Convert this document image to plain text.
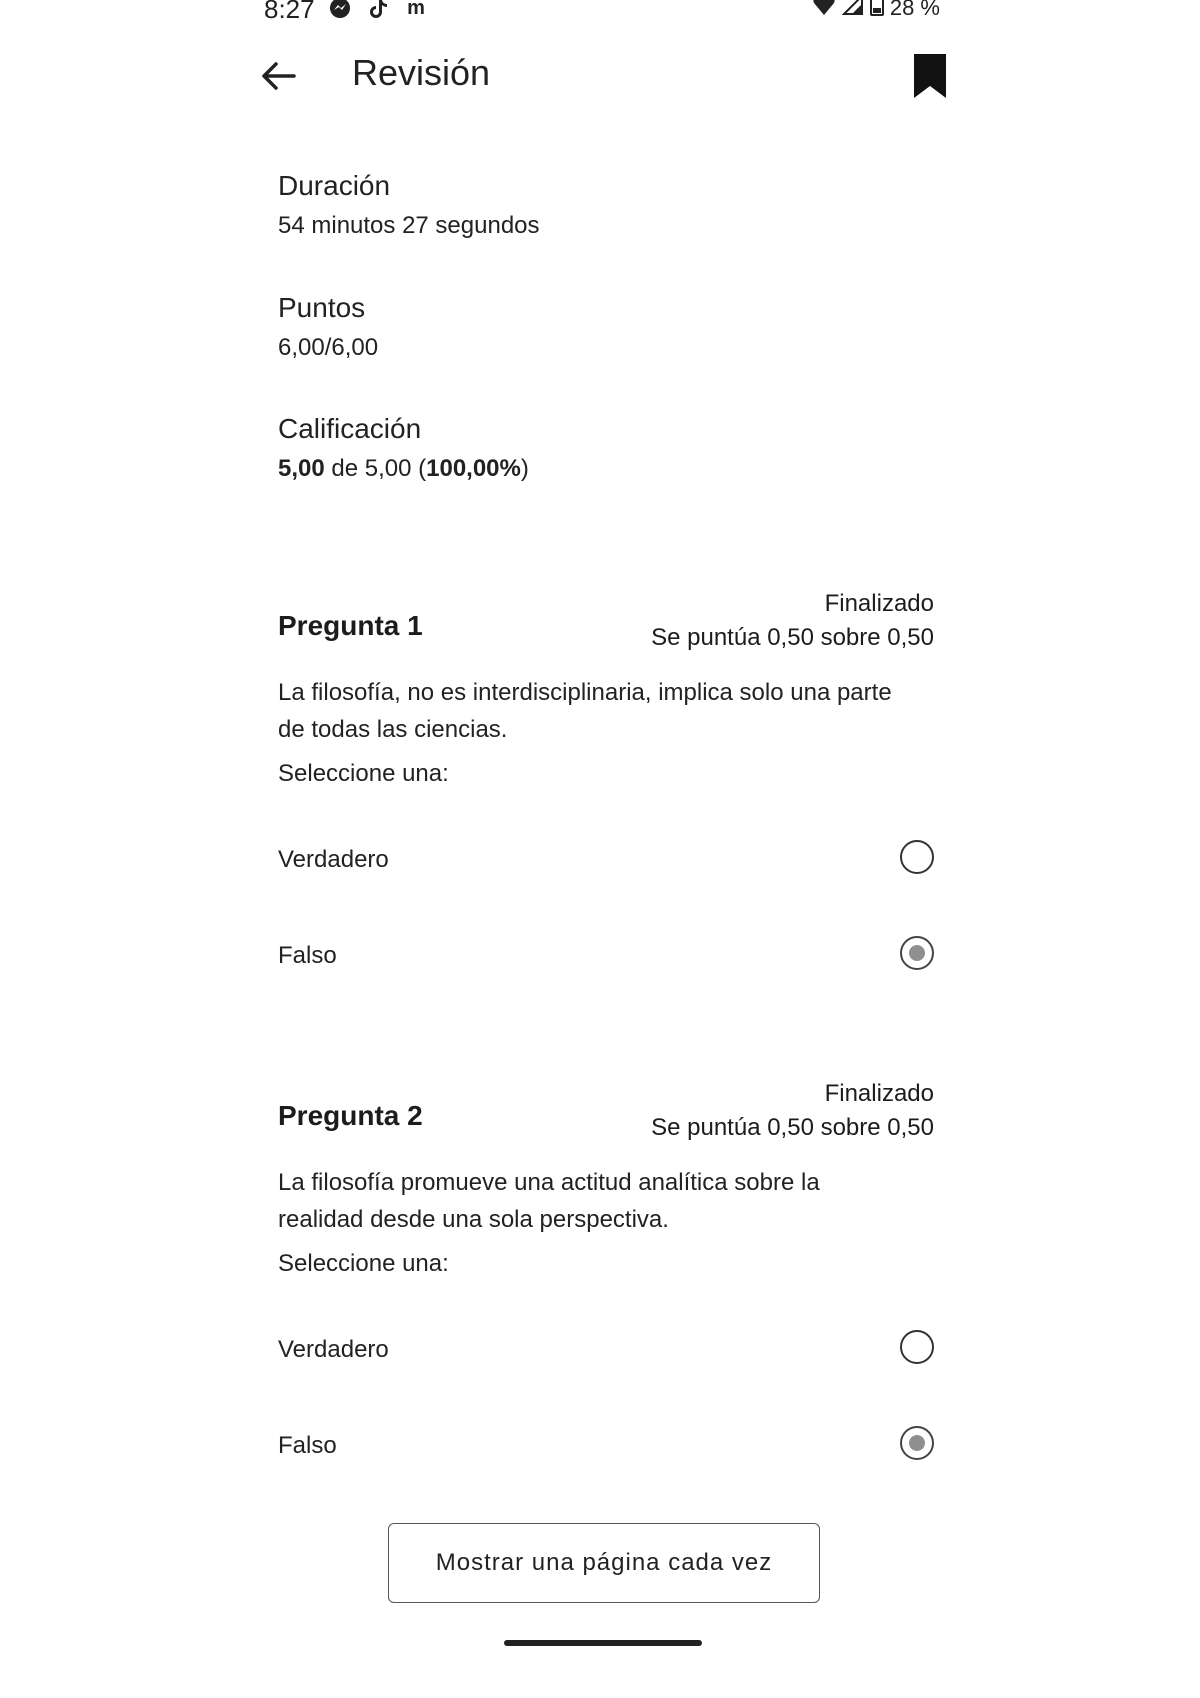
8:27	m	28 %
Revisión
Duración
54 minutos 27 segundos
Puntos
6,00/6,00
Calificación
5,00 de 5,00 (100,00%)
Pregunta 1
Finalizado
Se puntúa 0,50 sobre 0,50
La filosofía, no es interdisciplinaria, implica solo una parte de todas las ciencias.
Seleccione una:
Verdadero
Falso
Pregunta 2
Finalizado
Se puntúa 0,50 sobre 0,50
La filosofía promueve una actitud analítica sobre la realidad desde una sola perspectiva.
Seleccione una:
Verdadero
Falso
Mostrar una página cada vez
